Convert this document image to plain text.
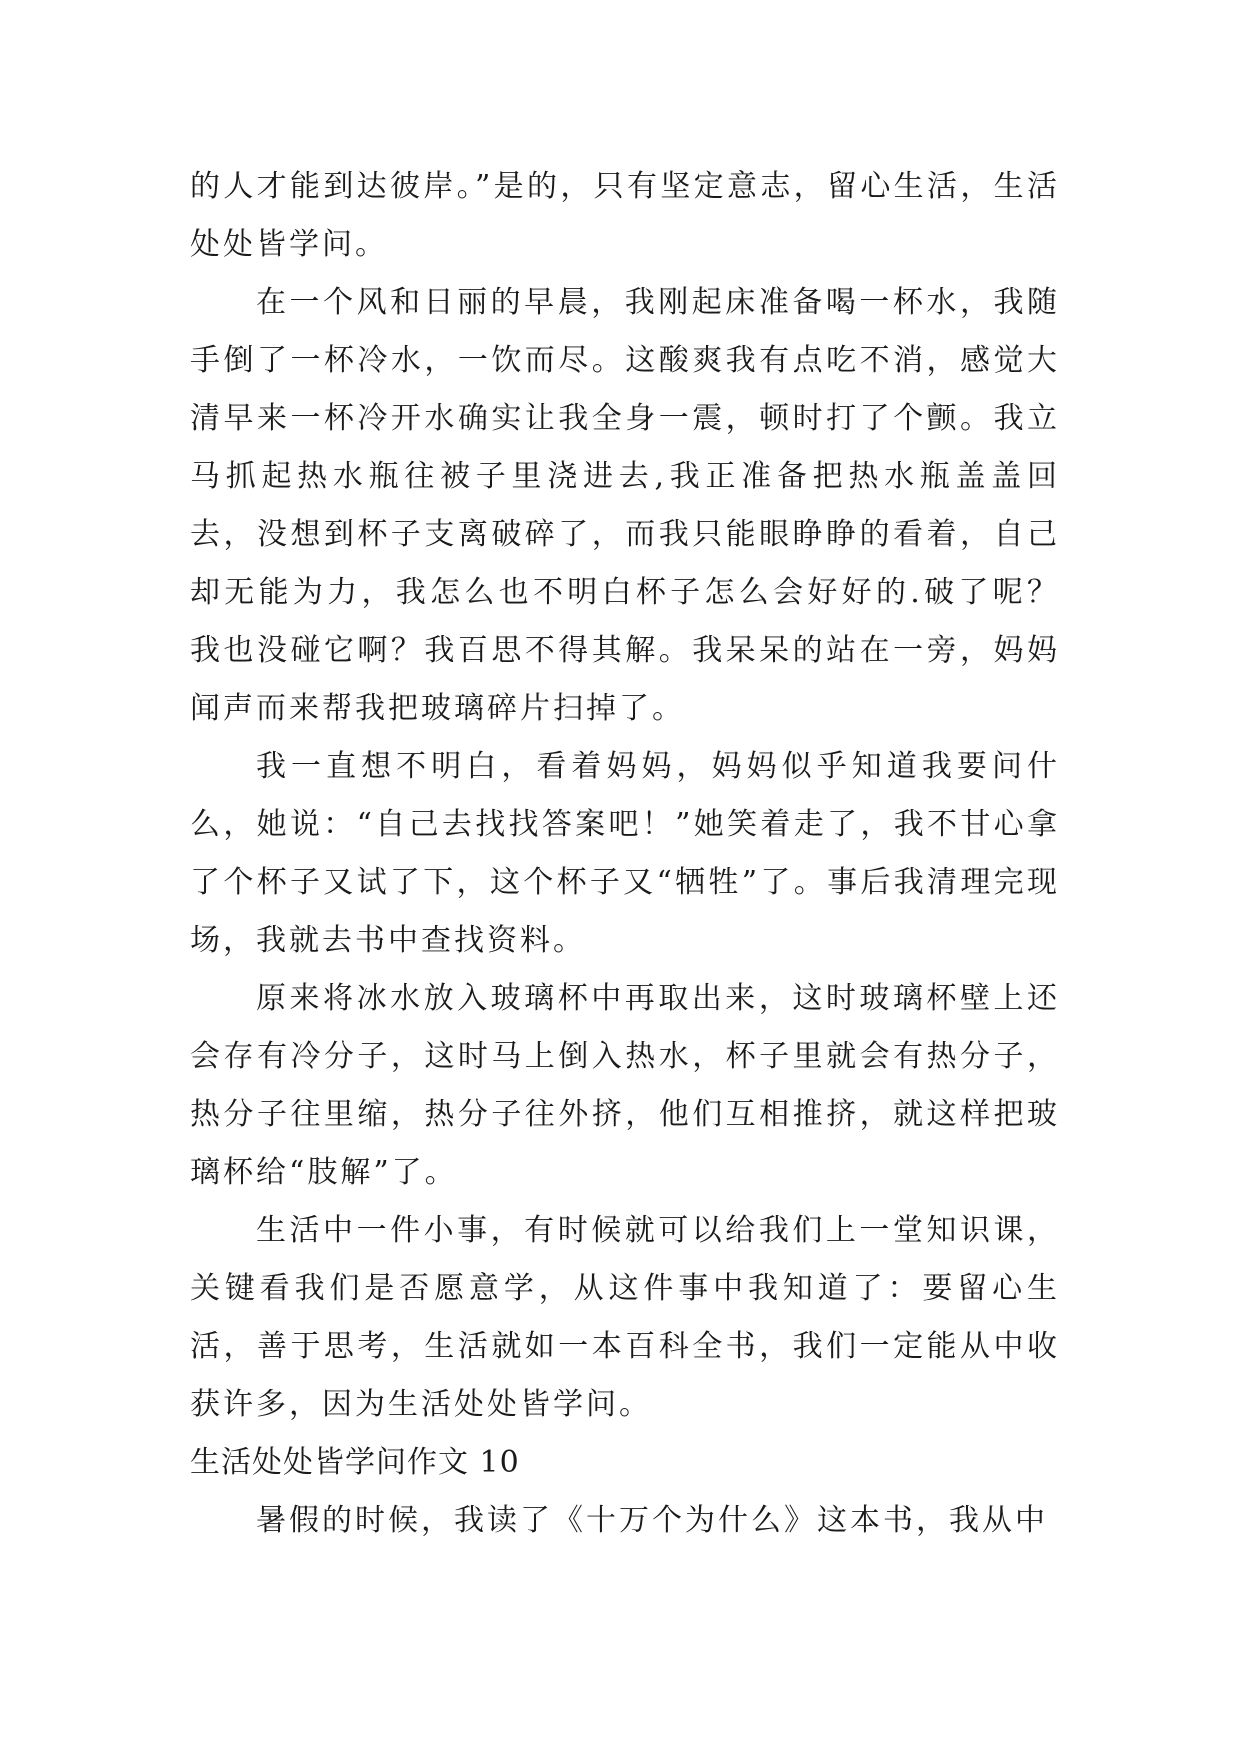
的人才能到达彼岸。”是的，只有坚定意志，留心生活，生活处处皆学问。

在一个风和日丽的早晨，我刚起床准备喝一杯水，我随手倒了一杯冷水，一饮而尽。这酸爽我有点吃不消，感觉大清早来一杯冷开水确实让我全身一震，顿时打了个颤。我立马抓起热水瓶往被子里浇进去,我正准备把热水瓶盖盖回去，没想到杯子支离破碎了，而我只能眼睁睁的看着，自己却无能为力，我怎么也不明白杯子怎么会好好的.破了呢？我也没碰它啊？我百思不得其解。我呆呆的站在一旁，妈妈闻声而来帮我把玻璃碎片扫掉了。

我一直想不明白，看着妈妈，妈妈似乎知道我要问什么，她说：“自己去找找答案吧！”她笑着走了，我不甘心拿了个杯子又试了下，这个杯子又“牺牲”了。事后我清理完现场，我就去书中查找资料。

原来将冰水放入玻璃杯中再取出来，这时玻璃杯壁上还会存有冷分子，这时马上倒入热水，杯子里就会有热分子，热分子往里缩，热分子往外挤，他们互相推挤，就这样把玻璃杯给“肢解”了。

生活中一件小事，有时候就可以给我们上一堂知识课，关键看我们是否愿意学，从这件事中我知道了：要留心生活，善于思考，生活就如一本百科全书，我们一定能从中收获许多，因为生活处处皆学问。

生活处处皆学问作文 10

暑假的时候，我读了《十万个为什么》这本书，我从中
